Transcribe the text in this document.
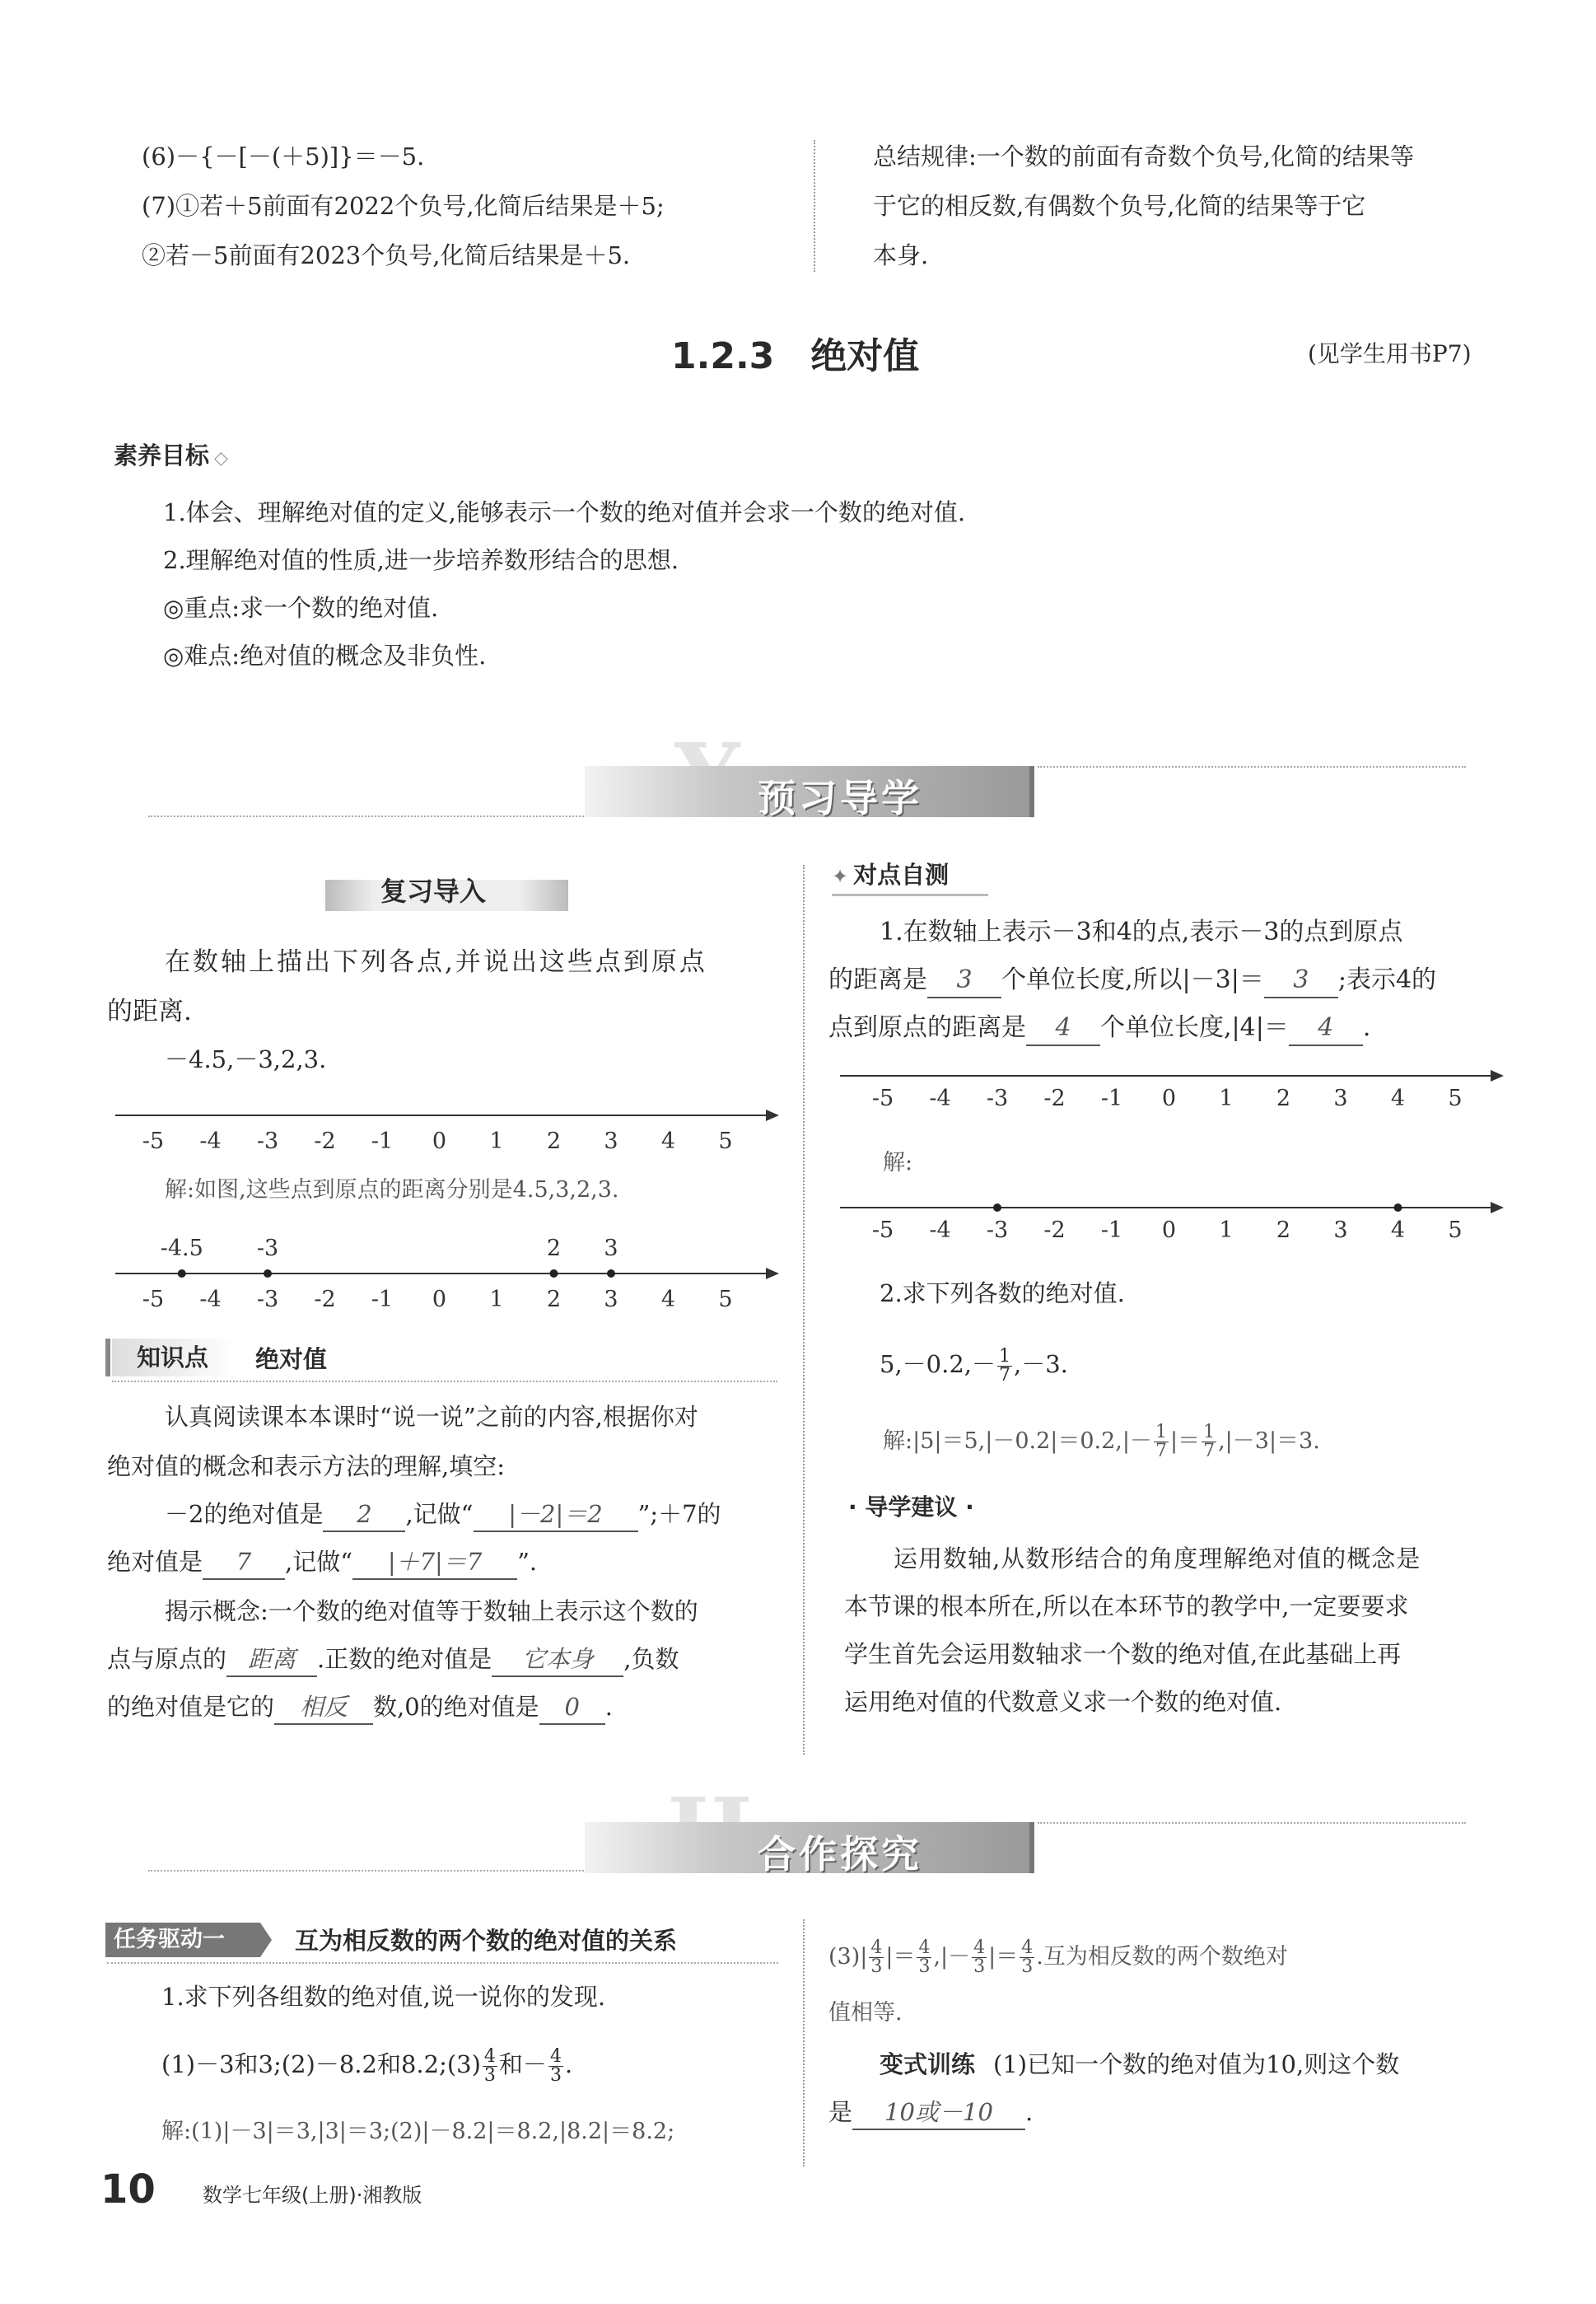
(6)－{－[－(＋5)]}＝－5.
(7)①若＋5前面有2022个负号,化简后结果是＋5;
②若－5前面有2023个负号,化简后结果是＋5.
总结规律:一个数的前面有奇数个负号,化简的结果等
于它的相反数,有偶数个负号,化简的结果等于它
本身.
1.2.3　绝对值	(见学生用书P7)
素养目标 ◇
1.体会、理解绝对值的定义,能够表示一个数的绝对值并会求一个数的绝对值.
2.理解绝对值的性质,进一步培养数形结合的思想.
◎重点:求一个数的绝对值.
◎难点:绝对值的概念及非负性.
预习导学
复习导入
在数轴上描出下列各点,并说出这些点到原点
的距离.
－4.5,－3,2,3.
-5 -4 -3 -2 -1 0 1 2 3 4 5
解:如图,这些点到原点的距离分别是4.5,3,2,3.
-5 -4 -3 -2 -1 0 1 2 3 4 5
-4.5 -3	2 3
知识点 绝对值
认真阅读课本本课时“说一说”之前的内容,根据你对
绝对值的概念和表示方法的理解,填空:
－2的绝对值是 2 ,记做“ |－2|＝2 ”;＋7的
绝对值是 7 ,记做“ |＋7|＝7 ”.
揭示概念:一个数的绝对值等于数轴上表示这个数的
点与原点的 距离 .正数的绝对值是 它本身 ,负数
的绝对值是它的 相反 数,0的绝对值是 0 .
✦ 对点自测
1.在数轴上表示－3和4的点,表示－3的点到原点
的距离是 3 个单位长度,所以|－3|＝ 3 ;表示4的
点到原点的距离是 4 个单位长度,|4|＝ 4 .
-5 -4 -3 -2 -1 0 1 2 3 4 5
解:
-5 -4 -3 -2 -1 0 1 2 3 4 5
2.求下列各数的绝对值.
$5,-0.2,- \frac{1}{7} ,-3$.
解:|5|＝5,|－0.2|＝0.2,|－ $\frac{1}{7}$ |＝ $\frac{1}{7} ,|-3|=3$.
· 导学建议 ·
运用数轴,从数形结合的角度理解绝对值的概念是
本节课的根本所在,所以在本环节的教学中,一定要要求
学生首先会运用数轴求一个数的绝对值,在此基础上再
运用绝对值的代数意义求一个数的绝对值.
合作探究
任务驱动一	互为相反数的两个数的绝对值的关系
1.求下列各组数的绝对值,说一说你的发现.
(1)－3和3;(2)－8.2和8.2;(3) $\frac{4}{3}$ 和－ $\frac{4}{3}$ .
解:(1)|－3|＝3,|3|＝3;(2)|－8.2|＝8.2,|8.2|＝8.2;
$(3)| \frac{4}{3}$ |＝ $\frac{4}{3}$ ,|－ $\frac{4}{3}$ |＝ $\frac{4}{3}$ .互为相反数的两个数绝对
值相等.
变式训练 (1)已知一个数的绝对值为10,则这个数
是 10或－10 .
10 数学七年级(上册)·湘教版
